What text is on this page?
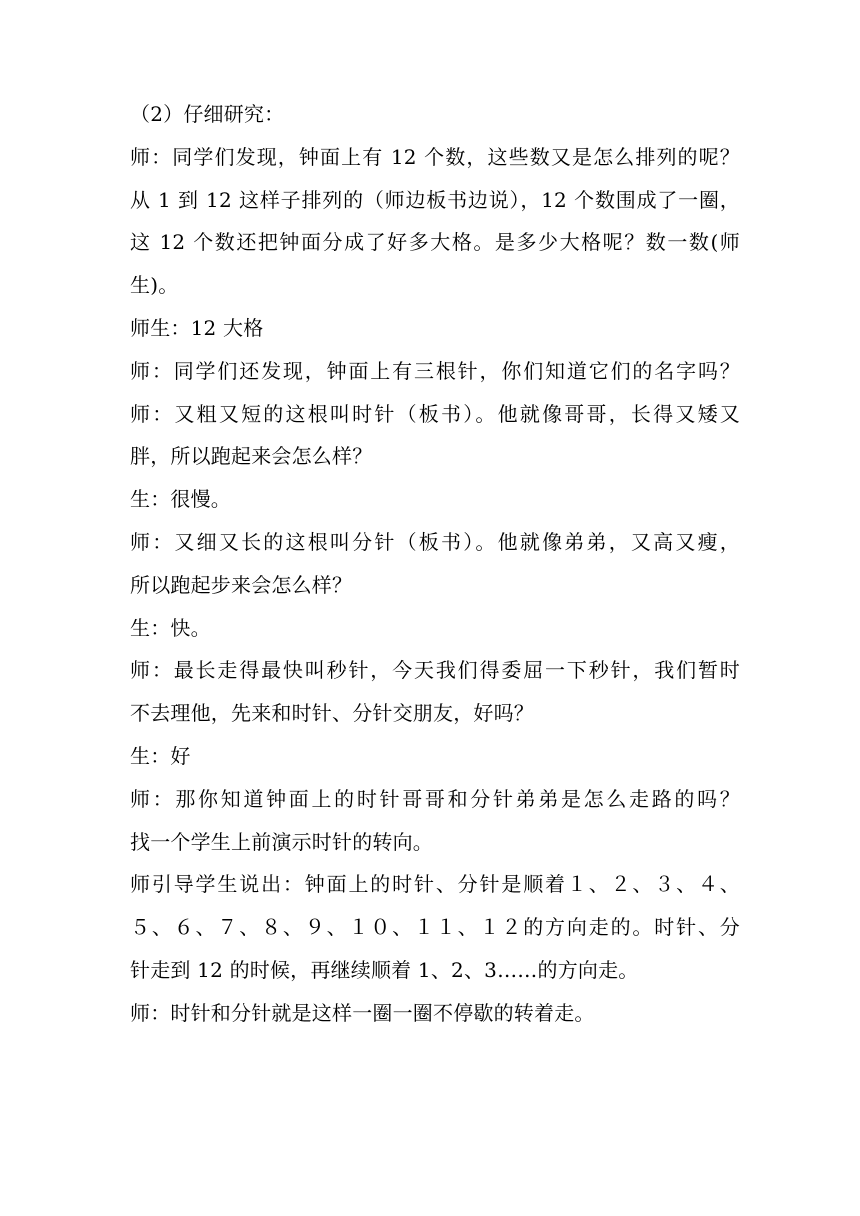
（2）仔细研究：
师：同学们发现，钟面上有 12 个数，这些数又是怎么排列的呢？
从 1 到 12 这样子排列的（师边板书边说），12 个数围成了一圈，
这 12 个数还把钟面分成了好多大格。是多少大格呢？数一数(师
生)。
师生：12 大格
师：同学们还发现，钟面上有三根针，你们知道它们的名字吗？
师：又粗又短的这根叫时针（板书）。他就像哥哥，长得又矮又
胖，所以跑起来会怎么样？
生：很慢。
师：又细又长的这根叫分针（板书）。他就像弟弟，又高又瘦，
所以跑起步来会怎么样？
生：快。
师：最长走得最快叫秒针，今天我们得委屈一下秒针，我们暂时
不去理他，先来和时针、分针交朋友，好吗？
生：好
师：那你知道钟面上的时针哥哥和分针弟弟是怎么走路的吗？
找一个学生上前演示时针的转向。
师引导学生说出：钟面上的时针、分针是顺着１、２、３、４、
５、６、７、８、９、１０、１１、１２的方向走的。时针、分
针走到 12 的时候，再继续顺着 1、2、3……的方向走。
师：时针和分针就是这样一圈一圈不停歇的转着走。
